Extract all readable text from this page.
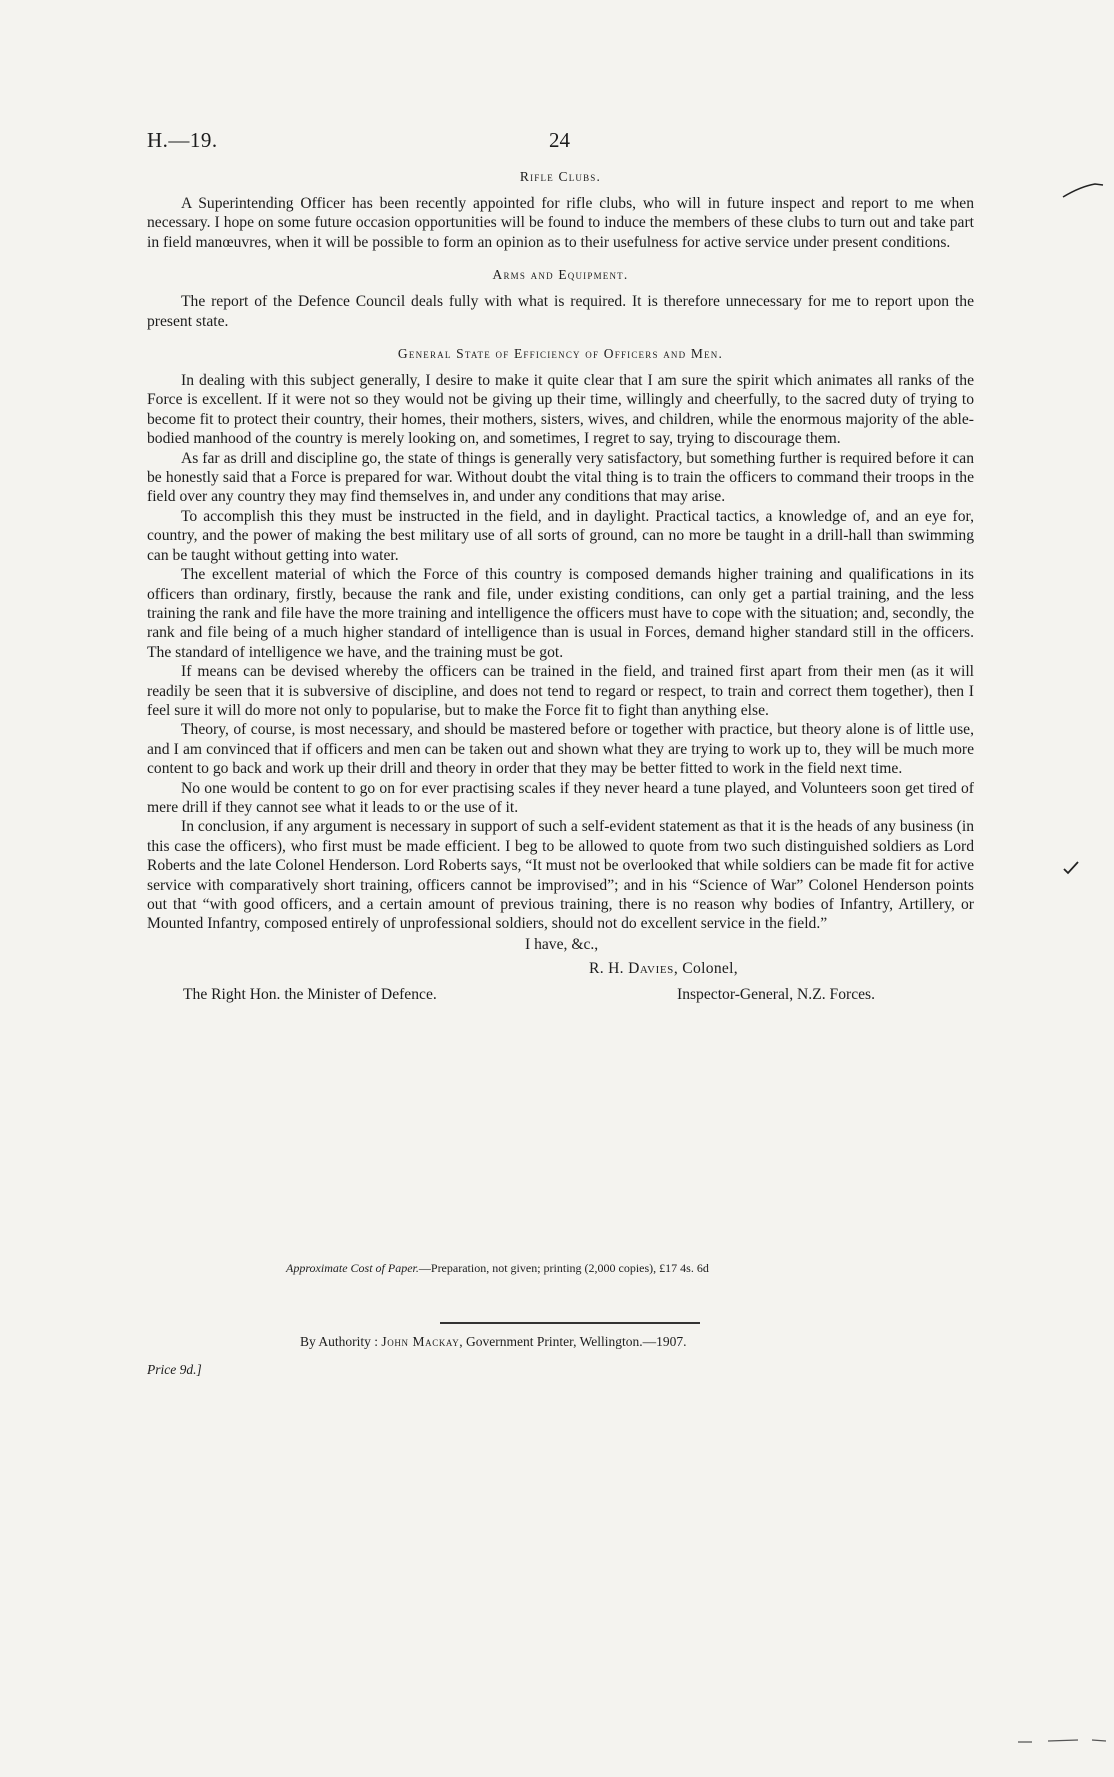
H.—19.	24
Rifle Clubs.

A Superintending Officer has been recently appointed for rifle clubs, who will in future inspect and report to me when necessary. I hope on some future occasion opportunities will be found to induce the members of these clubs to turn out and take part in field manœuvres, when it will be possible to form an opinion as to their usefulness for active service under present conditions.

Arms and Equipment.

The report of the Defence Council deals fully with what is required. It is therefore unnecessary for me to report upon the present state.

General State of Efficiency of Officers and Men.

In dealing with this subject generally, I desire to make it quite clear that I am sure the spirit which animates all ranks of the Force is excellent. If it were not so they would not be giving up their time, willingly and cheerfully, to the sacred duty of trying to become fit to protect their country, their homes, their mothers, sisters, wives, and children, while the enormous majority of the able-bodied manhood of the country is merely looking on, and sometimes, I regret to say, trying to discourage them.

As far as drill and discipline go, the state of things is generally very satisfactory, but something further is required before it can be honestly said that a Force is prepared for war. Without doubt the vital thing is to train the officers to command their troops in the field over any country they may find themselves in, and under any conditions that may arise.

To accomplish this they must be instructed in the field, and in daylight. Practical tactics, a knowledge of, and an eye for, country, and the power of making the best military use of all sorts of ground, can no more be taught in a drill-hall than swimming can be taught without getting into water.

The excellent material of which the Force of this country is composed demands higher training and qualifications in its officers than ordinary, firstly, because the rank and file, under existing conditions, can only get a partial training, and the less training the rank and file have the more training and intelligence the officers must have to cope with the situation; and, secondly, the rank and file being of a much higher standard of intelligence than is usual in Forces, demand higher standard still in the officers. The standard of intelligence we have, and the training must be got.

If means can be devised whereby the officers can be trained in the field, and trained first apart from their men (as it will readily be seen that it is subversive of discipline, and does not tend to regard or respect, to train and correct them together), then I feel sure it will do more not only to popularise, but to make the Force fit to fight than anything else.

Theory, of course, is most necessary, and should be mastered before or together with practice, but theory alone is of little use, and I am convinced that if officers and men can be taken out and shown what they are trying to work up to, they will be much more content to go back and work up their drill and theory in order that they may be better fitted to work in the field next time.

No one would be content to go on for ever practising scales if they never heard a tune played, and Volunteers soon get tired of mere drill if they cannot see what it leads to or the use of it.

In conclusion, if any argument is necessary in support of such a self-evident statement as that it is the heads of any business (in this case the officers), who first must be made efficient. I beg to be allowed to quote from two such distinguished soldiers as Lord Roberts and the late Colonel Henderson. Lord Roberts says, “It must not be overlooked that while soldiers can be made fit for active service with comparatively short training, officers cannot be improvised”; and in his “Science of War” Colonel Henderson points out that “with good officers, and a certain amount of previous training, there is no reason why bodies of Infantry, Artillery, or Mounted Infantry, composed entirely of unprofessional soldiers, should not do excellent service in the field.”

I have, &c.,
R. H. Davies, Colonel,
The Right Hon. the Minister of Defence.	Inspector-General, N.Z. Forces.
Approximate Cost of Paper.—Preparation, not given; printing (2,000 copies), £17 4s. 6d
By Authority : John Mackay, Government Printer, Wellington.—1907.
Price 9d.]
